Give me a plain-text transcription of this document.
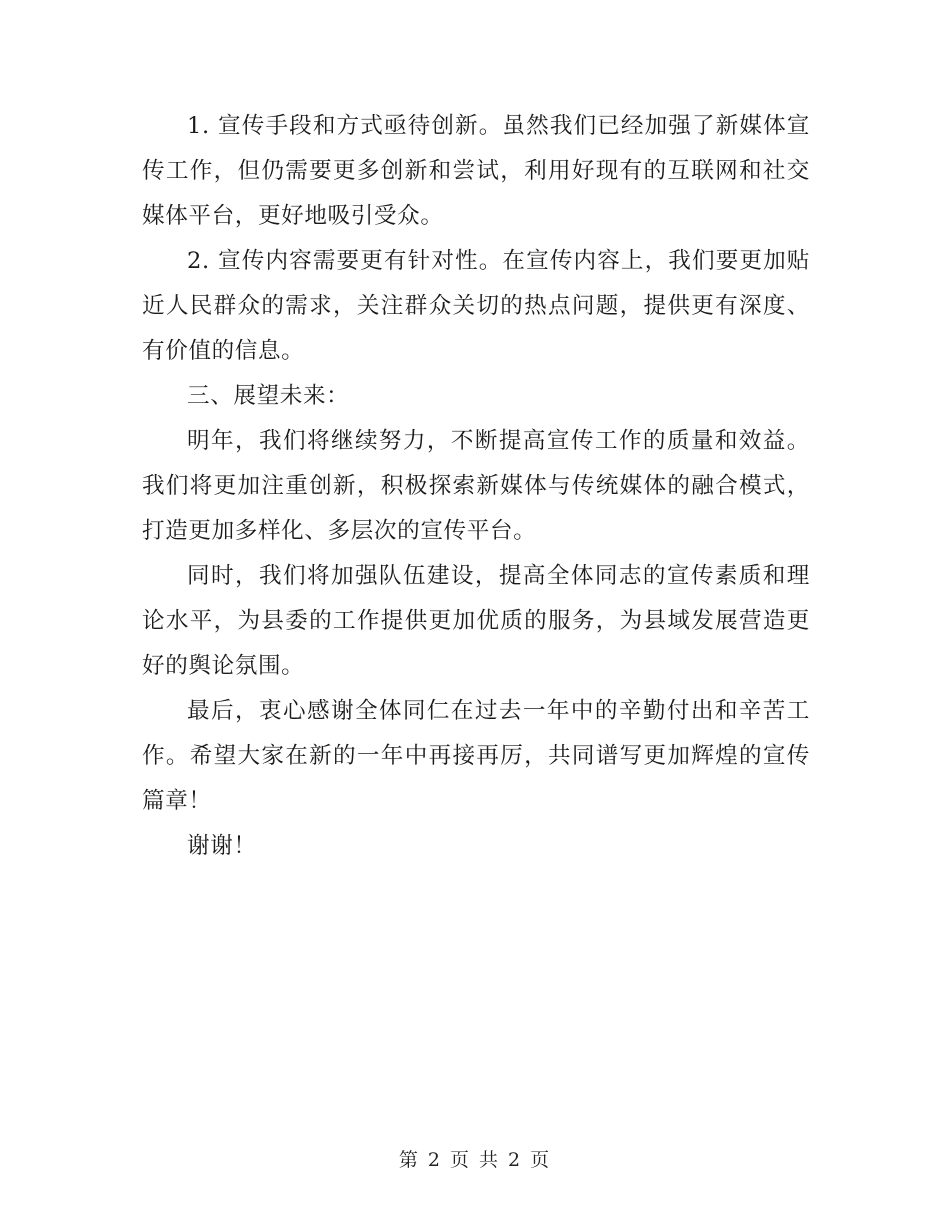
1. 宣传手段和方式亟待创新。虽然我们已经加强了新媒体宣传工作，但仍需要更多创新和尝试，利用好现有的互联网和社交媒体平台，更好地吸引受众。

2. 宣传内容需要更有针对性。在宣传内容上，我们要更加贴近人民群众的需求，关注群众关切的热点问题，提供更有深度、有价值的信息。

三、展望未来：

明年，我们将继续努力，不断提高宣传工作的质量和效益。我们将更加注重创新，积极探索新媒体与传统媒体的融合模式，打造更加多样化、多层次的宣传平台。

同时，我们将加强队伍建设，提高全体同志的宣传素质和理论水平，为县委的工作提供更加优质的服务，为县域发展营造更好的舆论氛围。

最后，衷心感谢全体同仁在过去一年中的辛勤付出和辛苦工作。希望大家在新的一年中再接再厉，共同谱写更加辉煌的宣传篇章！

谢谢！

第 2 页 共 2 页
